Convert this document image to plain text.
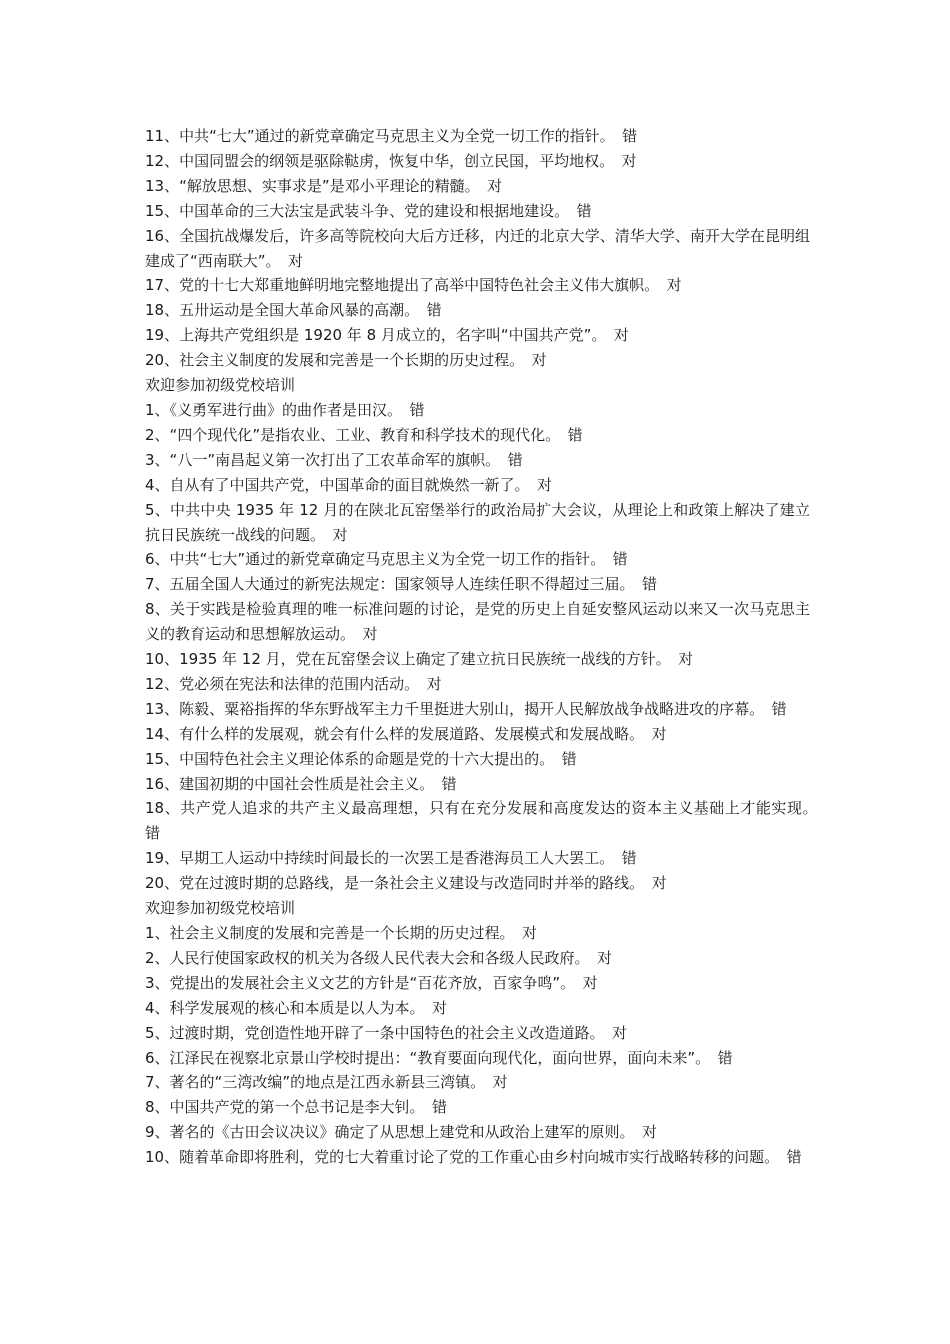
11、中共“七大”通过的新党章确定马克思主义为全党一切工作的指针。　错

12、中国同盟会的纲领是驱除鞑虏，恢复中华，创立民国，平均地权。　对

13、“解放思想、实事求是”是邓小平理论的精髓。　对

15、中国革命的三大法宝是武装斗争、党的建设和根据地建设。　错

16、全国抗战爆发后，许多高等院校向大后方迁移，内迁的北京大学、清华大学、南开大学在昆明组建成了“西南联大”。　对

17、党的十七大郑重地鲜明地完整地提出了高举中国特色社会主义伟大旗帜。　对

18、五卅运动是全国大革命风暴的高潮。　错

19、上海共产党组织是 1920 年 8 月成立的，名字叫“中国共产党”。　对

20、社会主义制度的发展和完善是一个长期的历史过程。　对

欢迎参加初级党校培训

1、《义勇军进行曲》的曲作者是田汉。　错

2、“四个现代化”是指农业、工业、教育和科学技术的现代化。　错

3、“八一”南昌起义第一次打出了工农革命军的旗帜。　错

4、自从有了中国共产党，中国革命的面目就焕然一新了。　对

5、中共中央 1935 年 12 月的在陕北瓦窑堡举行的政治局扩大会议，从理论上和政策上解决了建立抗日民族统一战线的问题。　对

6、中共“七大”通过的新党章确定马克思主义为全党一切工作的指针。　错

7、五届全国人大通过的新宪法规定：国家领导人连续任职不得超过三届。　错

8、关于实践是检验真理的唯一标准问题的讨论，是党的历史上自延安整风运动以来又一次马克思主义的教育运动和思想解放运动。　对

10、1935 年 12 月，党在瓦窑堡会议上确定了建立抗日民族统一战线的方针。　对

12、党必须在宪法和法律的范围内活动。　对

13、陈毅、粟裕指挥的华东野战军主力千里挺进大别山，揭开人民解放战争战略进攻的序幕。　错

14、有什么样的发展观，就会有什么样的发展道路、发展模式和发展战略。　对

15、中国特色社会主义理论体系的命题是党的十六大提出的。　错

16、建国初期的中国社会性质是社会主义。　错

18、共产党人追求的共产主义最高理想，只有在充分发展和高度发达的资本主义基础上才能实现。　错

19、早期工人运动中持续时间最长的一次罢工是香港海员工人大罢工。　错

20、党在过渡时期的总路线，是一条社会主义建设与改造同时并举的路线。　对

欢迎参加初级党校培训

1、社会主义制度的发展和完善是一个长期的历史过程。　对

2、人民行使国家政权的机关为各级人民代表大会和各级人民政府。　对

3、党提出的发展社会主义文艺的方针是“百花齐放，百家争鸣”。　对

4、科学发展观的核心和本质是以人为本。　对

5、过渡时期，党创造性地开辟了一条中国特色的社会主义改造道路。　对

6、江泽民在视察北京景山学校时提出：“教育要面向现代化，面向世界，面向未来”。　错

7、著名的“三湾改编”的地点是江西永新县三湾镇。　对

8、中国共产党的第一个总书记是李大钊。　错

9、著名的《古田会议决议》确定了从思想上建党和从政治上建军的原则。　对

10、随着革命即将胜利，党的七大着重讨论了党的工作重心由乡村向城市实行战略转移的问题。　错
